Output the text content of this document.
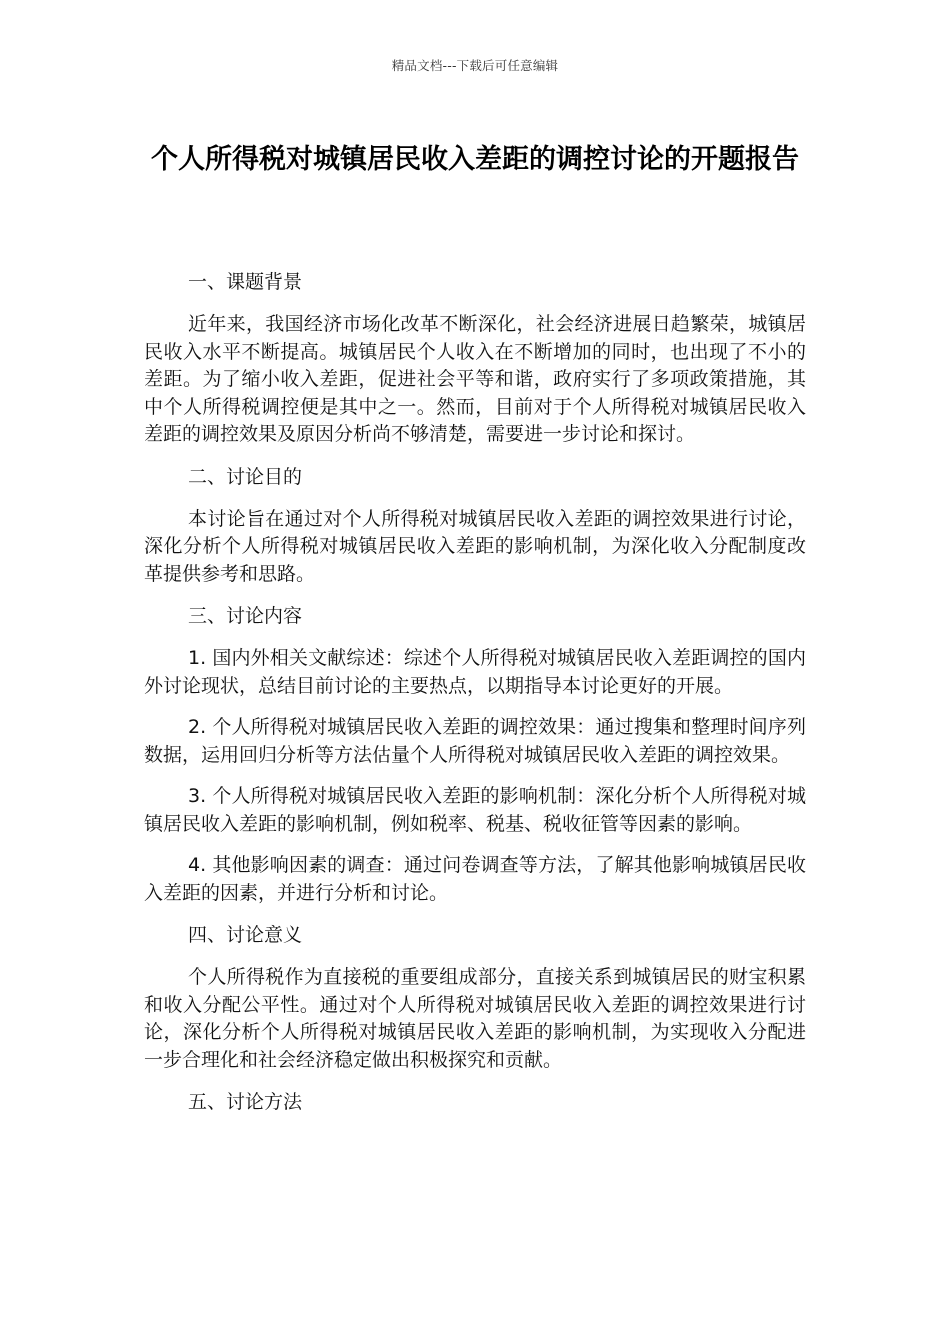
精品文档---下载后可任意编辑
个人所得税对城镇居民收入差距的调控讨论的开题报告

一、课题背景

近年来，我国经济市场化改革不断深化，社会经济进展日趋繁荣，城镇居民收入水平不断提高。城镇居民个人收入在不断增加的同时，也出现了不小的差距。为了缩小收入差距，促进社会平等和谐，政府实行了多项政策措施，其中个人所得税调控便是其中之一。然而，目前对于个人所得税对城镇居民收入差距的调控效果及原因分析尚不够清楚，需要进一步讨论和探讨。

二、讨论目的

本讨论旨在通过对个人所得税对城镇居民收入差距的调控效果进行讨论，深化分析个人所得税对城镇居民收入差距的影响机制，为深化收入分配制度改革提供参考和思路。

三、讨论内容

1. 国内外相关文献综述：综述个人所得税对城镇居民收入差距调控的国内外讨论现状，总结目前讨论的主要热点，以期指导本讨论更好的开展。

2. 个人所得税对城镇居民收入差距的调控效果：通过搜集和整理时间序列数据，运用回归分析等方法估量个人所得税对城镇居民收入差距的调控效果。

3. 个人所得税对城镇居民收入差距的影响机制：深化分析个人所得税对城镇居民收入差距的影响机制，例如税率、税基、税收征管等因素的影响。

4. 其他影响因素的调查：通过问卷调查等方法，了解其他影响城镇居民收入差距的因素，并进行分析和讨论。

四、讨论意义

个人所得税作为直接税的重要组成部分，直接关系到城镇居民的财宝积累和收入分配公平性。通过对个人所得税对城镇居民收入差距的调控效果进行讨论，深化分析个人所得税对城镇居民收入差距的影响机制，为实现收入分配进一步合理化和社会经济稳定做出积极探究和贡献。

五、讨论方法
